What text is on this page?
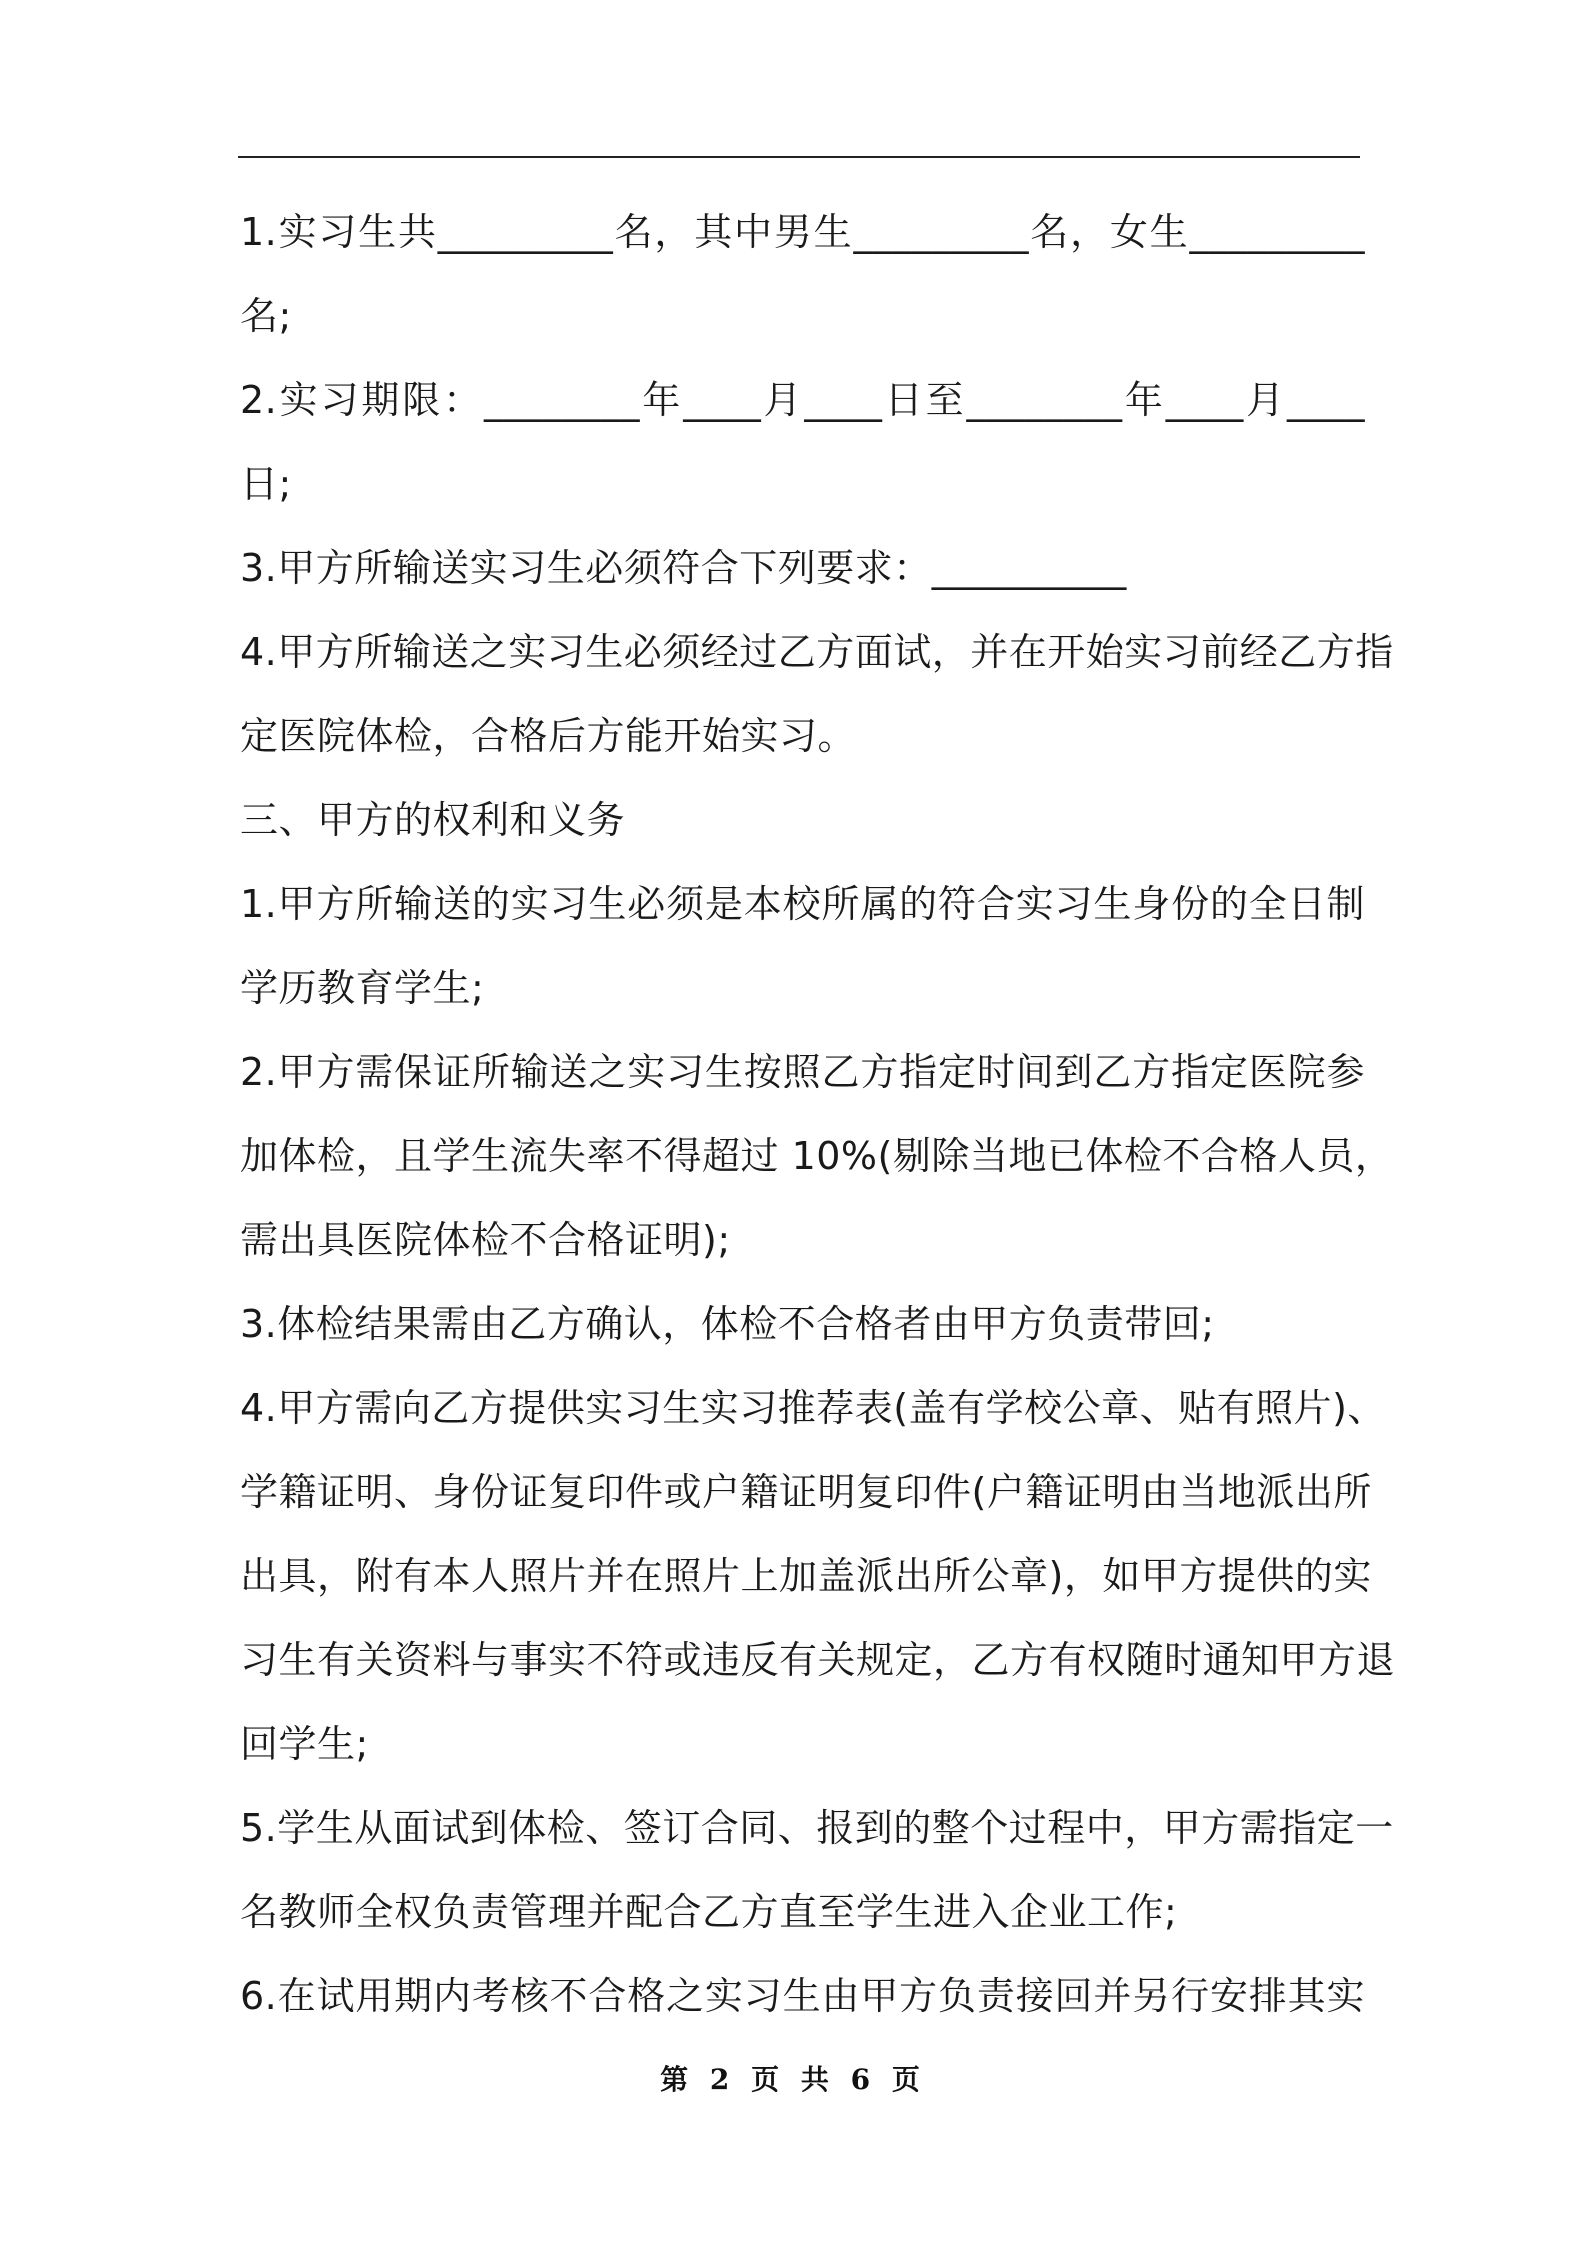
1.实习生共_________名，其中男生_________名，女生_________
名;
2.实习期限：________年____月____日至________年____月____
日;
3.甲方所输送实习生必须符合下列要求：__________
4.甲方所输送之实习生必须经过乙方面试，并在开始实习前经乙方指
定医院体检，合格后方能开始实习。
三、甲方的权利和义务
1.甲方所输送的实习生必须是本校所属的符合实习生身份的全日制
学历教育学生;
2.甲方需保证所输送之实习生按照乙方指定时间到乙方指定医院参
加体检，且学生流失率不得超过 10%(剔除当地已体检不合格人员，
需出具医院体检不合格证明);
3.体检结果需由乙方确认，体检不合格者由甲方负责带回;
4.甲方需向乙方提供实习生实习推荐表(盖有学校公章、贴有照片)、
学籍证明、身份证复印件或户籍证明复印件(户籍证明由当地派出所
出具，附有本人照片并在照片上加盖派出所公章)，如甲方提供的实
习生有关资料与事实不符或违反有关规定，乙方有权随时通知甲方退
回学生;
5.学生从面试到体检、签订合同、报到的整个过程中，甲方需指定一
名教师全权负责管理并配合乙方直至学生进入企业工作;
6.在试用期内考核不合格之实习生由甲方负责接回并另行安排其实
第 2 页 共 6 页
